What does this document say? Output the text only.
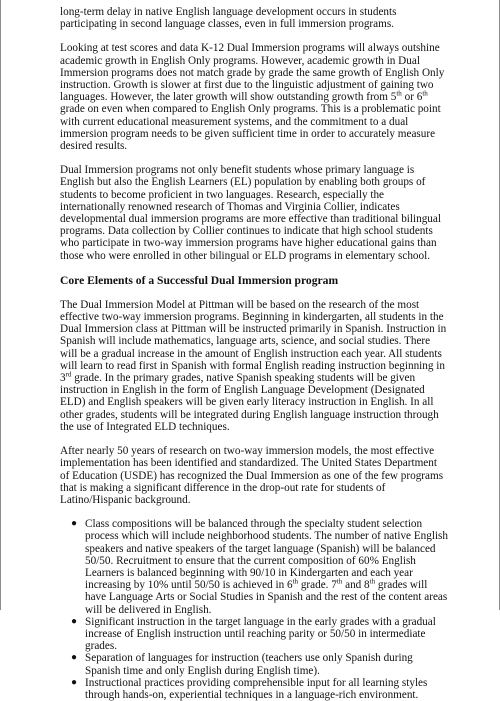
long-term delay in native English language development occurs in students participating in second language classes, even in full immersion programs.

Looking at test scores and data K-12 Dual Immersion programs will always outshine academic growth in English Only programs. However, academic growth in Dual Immersion programs does not match grade by grade the same growth of English Only instruction. Growth is slower at first due to the linguistic adjustment of gaining two languages. However, the later growth will show outstanding growth from 5th or 6th grade on even when compared to English Only programs. This is a problematic point with current educational measurement systems, and the commitment to a dual immersion program needs to be given sufficient time in order to accurately measure desired results.

Dual Immersion programs not only benefit students whose primary language is English but also the English Learners (EL) population by enabling both groups of students to become proficient in two languages. Research, especially the internationally renowned research of Thomas and Virginia Collier, indicates developmental dual immersion programs are more effective than traditional bilingual programs. Data collection by Collier continues to indicate that high school students who participate in two-way immersion programs have higher educational gains than those who were enrolled in other bilingual or ELD programs in elementary school.

Core Elements of a Successful Dual Immersion program

The Dual Immersion Model at Pittman will be based on the research of the most effective two-way immersion programs. Beginning in kindergarten, all students in the Dual Immersion class at Pittman will be instructed primarily in Spanish. Instruction in Spanish will include mathematics, language arts, science, and social studies. There will be a gradual increase in the amount of English instruction each year. All students will learn to read first in Spanish with formal English reading instruction beginning in 3rd grade. In the primary grades, native Spanish speaking students will be given instruction in English in the form of English Language Development (Designated ELD) and English speakers will be given early literacy instruction in English. In all other grades, students will be integrated during English language instruction through the use of Integrated ELD techniques.

After nearly 50 years of research on two-way immersion models, the most effective implementation has been identified and standardized. The United States Department of Education (USDE) has recognized the Dual Immersion as one of the few programs that is making a significant difference in the drop-out rate for students of Latino/Hispanic background.

● Class compositions will be balanced through the specialty student selection process which will include neighborhood students. The number of native English speakers and native speakers of the target language (Spanish) will be balanced 50/50. Recruitment to ensure that the current composition of 60% English Learners is balanced beginning with 90/10 in Kindergarten and each year increasing by 10% until 50/50 is achieved in 6th grade. 7th and 8th grades will have Language Arts or Social Studies in Spanish and the rest of the content areas will be delivered in English.
● Significant instruction in the target language in the early grades with a gradual increase of English instruction until reaching parity or 50/50 in intermediate grades.
● Separation of languages for instruction (teachers use only Spanish during Spanish time and only English during English time).
● Instructional practices providing comprehensible input for all learning styles through hands-on, experiential techniques in a language-rich environment.
